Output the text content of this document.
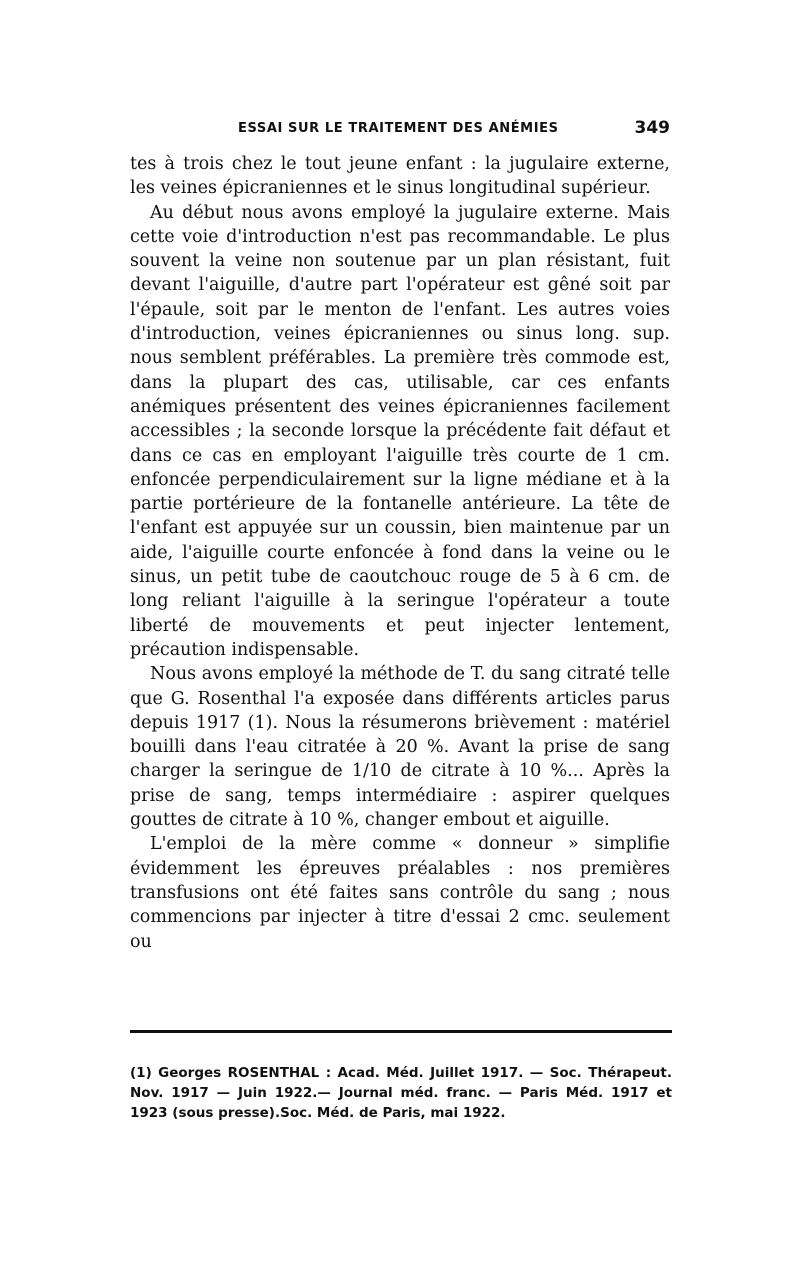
ESSAI SUR LE TRAITEMENT DES ANÉMIES	349

tes à trois chez le tout jeune enfant : la jugulaire externe, les veines épicraniennes et le sinus longitudinal supérieur.

Au début nous avons employé la jugulaire externe. Mais cette voie d'introduction n'est pas recommandable. Le plus souvent la veine non soutenue par un plan résistant, fuit devant l'aiguille, d'autre part l'opérateur est gêné soit par l'épaule, soit par le menton de l'enfant. Les autres voies d'introduction, veines épicraniennes ou sinus long. sup. nous semblent préférables. La première très commode est, dans la plupart des cas, utilisable, car ces enfants anémiques présentent des veines épicraniennes facilement accessibles ; la seconde lorsque la précédente fait défaut et dans ce cas en employant l'aiguille très courte de 1 cm. enfoncée perpendiculairement sur la ligne médiane et à la partie portérieure de la fontanelle antérieure. La tête de l'enfant est appuyée sur un coussin, bien maintenue par un aide, l'aiguille courte enfoncée à fond dans la veine ou le sinus, un petit tube de caoutchouc rouge de 5 à 6 cm. de long reliant l'aiguille à la seringue l'opérateur a toute liberté de mouvements et peut injecter lentement, précaution indispensable.

Nous avons employé la méthode de T. du sang citraté telle que G. Rosenthal l'a exposée dans différents articles parus depuis 1917 (1). Nous la résumerons brièvement : matériel bouilli dans l'eau citratée à 20 %. Avant la prise de sang charger la seringue de 1/10 de citrate à 10 %... Après la prise de sang, temps intermédiaire : aspirer quelques gouttes de citrate à 10 %, changer embout et aiguille.

L'emploi de la mère comme « donneur » simplifie évidemment les épreuves préalables : nos premières transfusions ont été faites sans contrôle du sang ; nous commencions par injecter à titre d'essai 2 cmc. seulement ou

(1) Georges ROSENTHAL : Acad. Méd. Juillet 1917. — Soc. Thérapeut. Nov. 1917 — Juin 1922.— Journal méd. franc. — Paris Méd. 1917 et 1923 (sous presse).Soc. Méd. de Paris, mai 1922.
